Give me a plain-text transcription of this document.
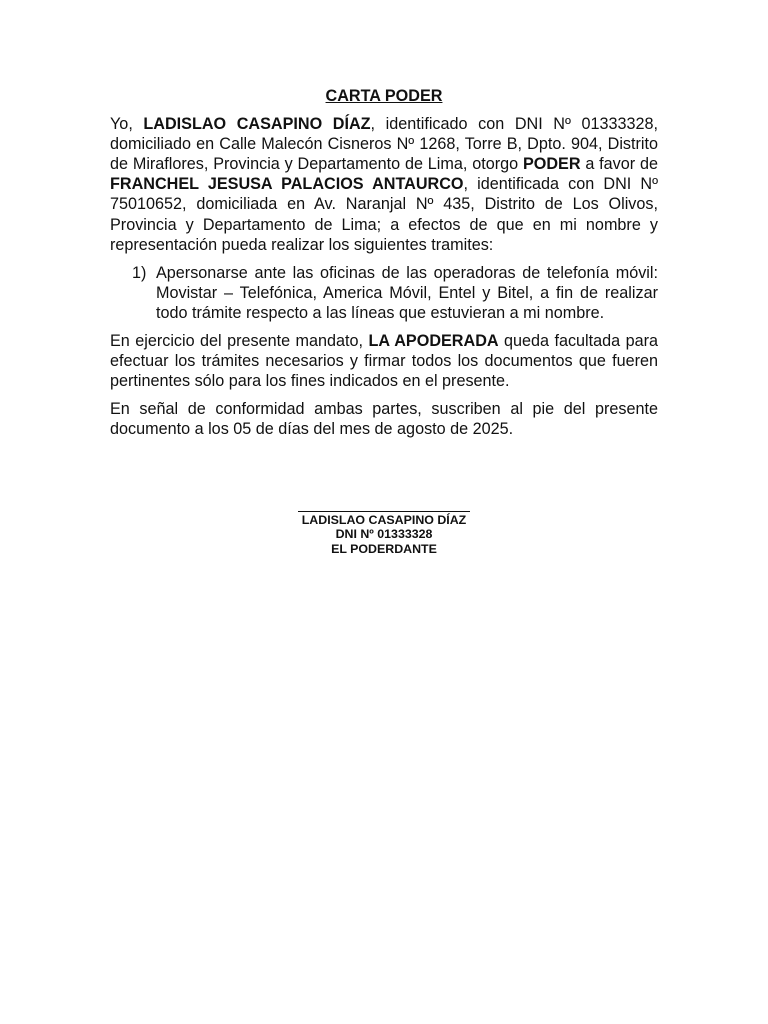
CARTA PODER

Yo, LADISLAO CASAPINO DÍAZ, identificado con DNI Nº 01333328, domiciliado en Calle Malecón Cisneros Nº 1268, Torre B, Dpto. 904, Distrito de Miraflores, Provincia y Departamento de Lima, otorgo PODER a favor de FRANCHEL JESUSA PALACIOS ANTAURCO, identificada con DNI Nº 75010652, domiciliada en Av. Naranjal Nº 435, Distrito de Los Olivos, Provincia y Departamento de Lima; a efectos de que en mi nombre y representación pueda realizar los siguientes tramites:

1) Apersonarse ante las oficinas de las operadoras de telefonía móvil: Movistar – Telefónica, America Móvil, Entel y Bitel, a fin de realizar todo trámite respecto a las líneas que estuvieran a mi nombre.

En ejercicio del presente mandato, LA APODERADA queda facultada para efectuar los trámites necesarios y firmar todos los documentos que fueren pertinentes sólo para los fines indicados en el presente.

En señal de conformidad ambas partes, suscriben al pie del presente documento a los 05 de días del mes de agosto de 2025.

LADISLAO CASAPINO DÍAZ
DNI Nº 01333328
EL PODERDANTE
